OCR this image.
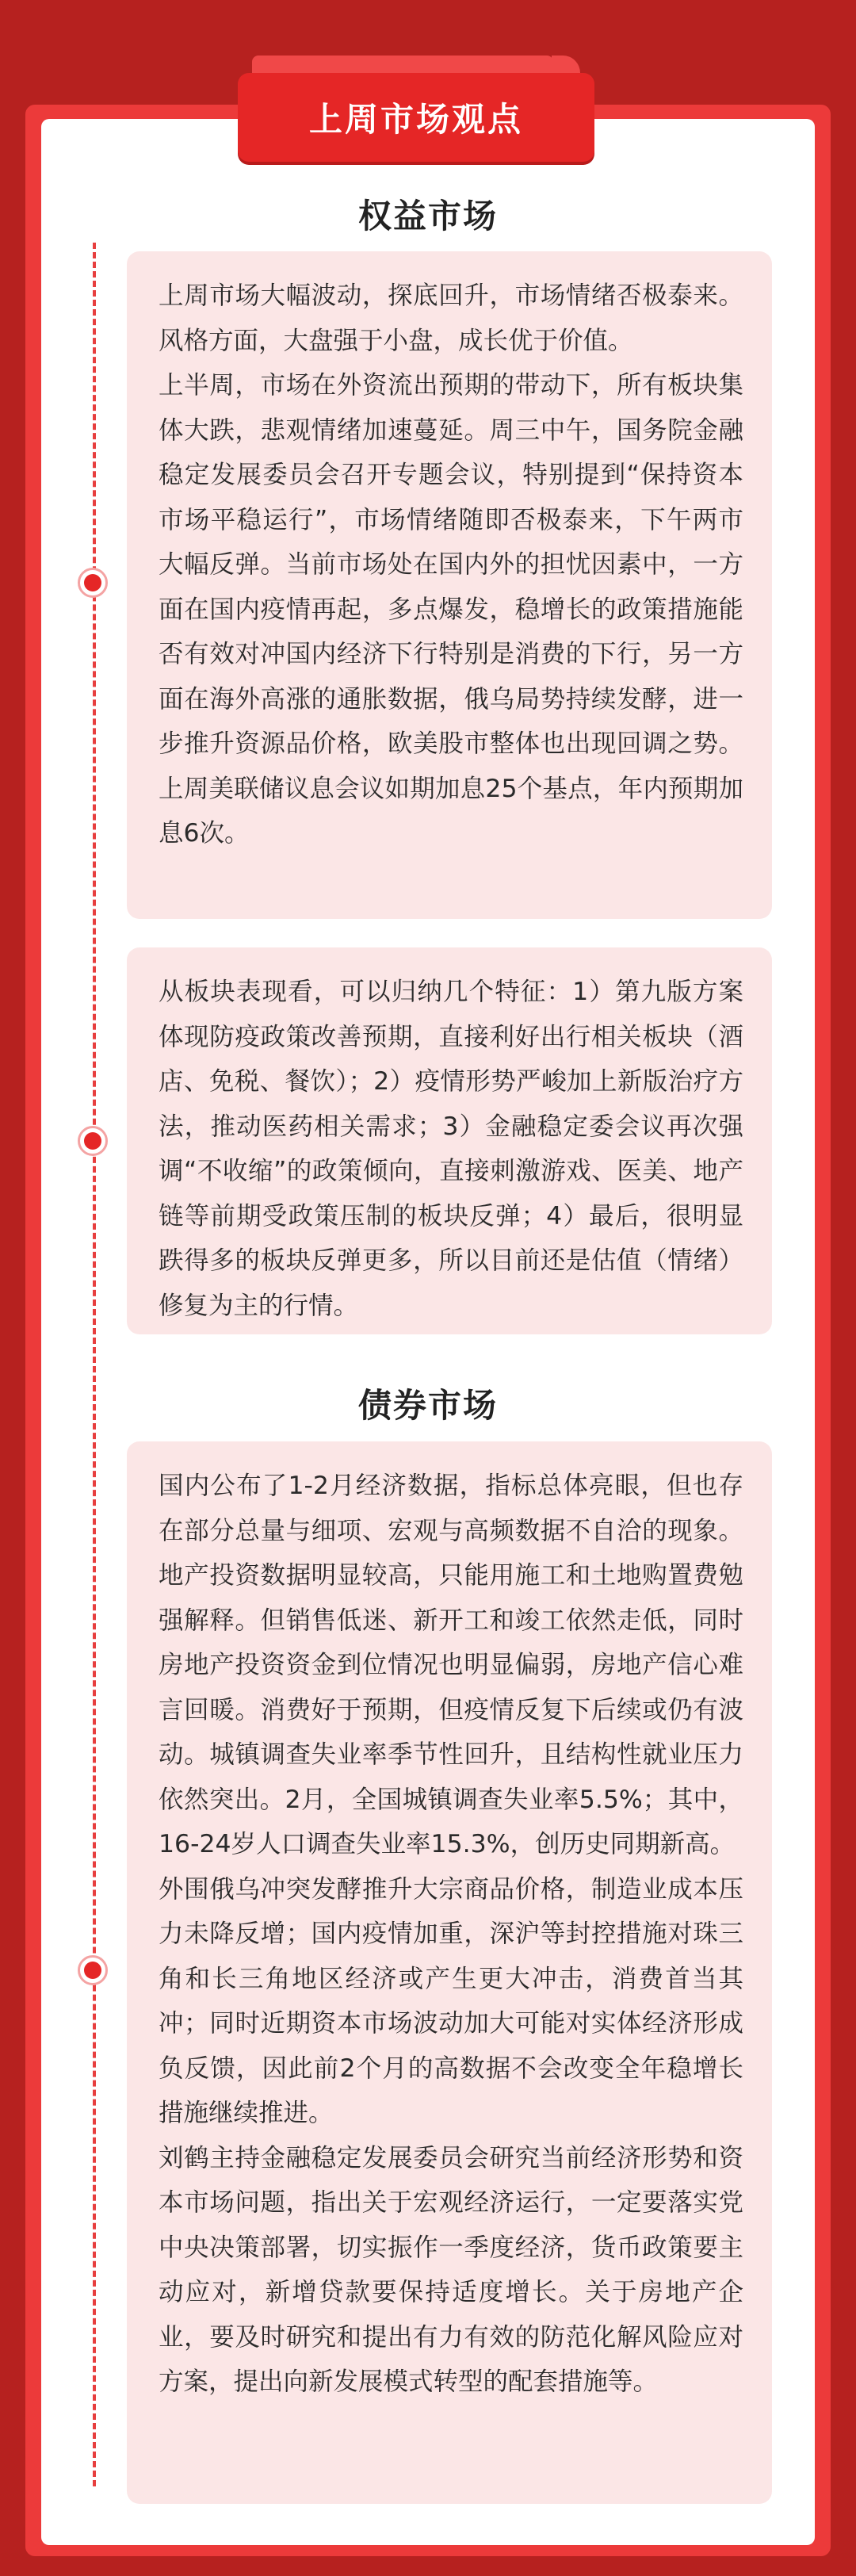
上周市场观点
权益市场

上周市场大幅波动，探底回升，市场情绪否极泰来。风格方面，大盘强于小盘，成长优于价值。

上半周，市场在外资流出预期的带动下，所有板块集体大跌，悲观情绪加速蔓延。周三中午，国务院金融稳定发展委员会召开专题会议，特别提到“保持资本市场平稳运行”，市场情绪随即否极泰来，下午两市大幅反弹。当前市场处在国内外的担忧因素中，一方面在国内疫情再起，多点爆发，稳增长的政策措施能否有效对冲国内经济下行特别是消费的下行，另一方面在海外高涨的通胀数据，俄乌局势持续发酵，进一步推升资源品价格，欧美股市整体也出现回调之势。上周美联储议息会议如期加息25个基点，年内预期加息6次。

从板块表现看，可以归纳几个特征：1）第九版方案体现防疫政策改善预期，直接利好出行相关板块（酒店、免税、餐饮）；2）疫情形势严峻加上新版治疗方法，推动医药相关需求；3）金融稳定委会议再次强调“不收缩”的政策倾向，直接刺激游戏、医美、地产链等前期受政策压制的板块反弹；4）最后，很明显跌得多的板块反弹更多，所以目前还是估值（情绪）修复为主的行情。

债券市场

国内公布了1-2月经济数据，指标总体亮眼，但也存在部分总量与细项、宏观与高频数据不自洽的现象。地产投资数据明显较高，只能用施工和土地购置费勉强解释。但销售低迷、新开工和竣工依然走低，同时房地产投资资金到位情况也明显偏弱，房地产信心难言回暖。消费好于预期，但疫情反复下后续或仍有波动。城镇调查失业率季节性回升，且结构性就业压力依然突出。2月，全国城镇调查失业率5.5%；其中，16-24岁人口调查失业率15.3%，创历史同期新高。

外围俄乌冲突发酵推升大宗商品价格，制造业成本压力未降反增；国内疫情加重，深沪等封控措施对珠三角和长三角地区经济或产生更大冲击，消费首当其冲；同时近期资本市场波动加大可能对实体经济形成负反馈，因此前2个月的高数据不会改变全年稳增长措施继续推进。

刘鹤主持金融稳定发展委员会研究当前经济形势和资本市场问题，指出关于宏观经济运行，一定要落实党中央决策部署，切实振作一季度经济，货币政策要主动应对，新增贷款要保持适度增长。关于房地产企业，要及时研究和提出有力有效的防范化解风险应对方案，提出向新发展模式转型的配套措施等。
